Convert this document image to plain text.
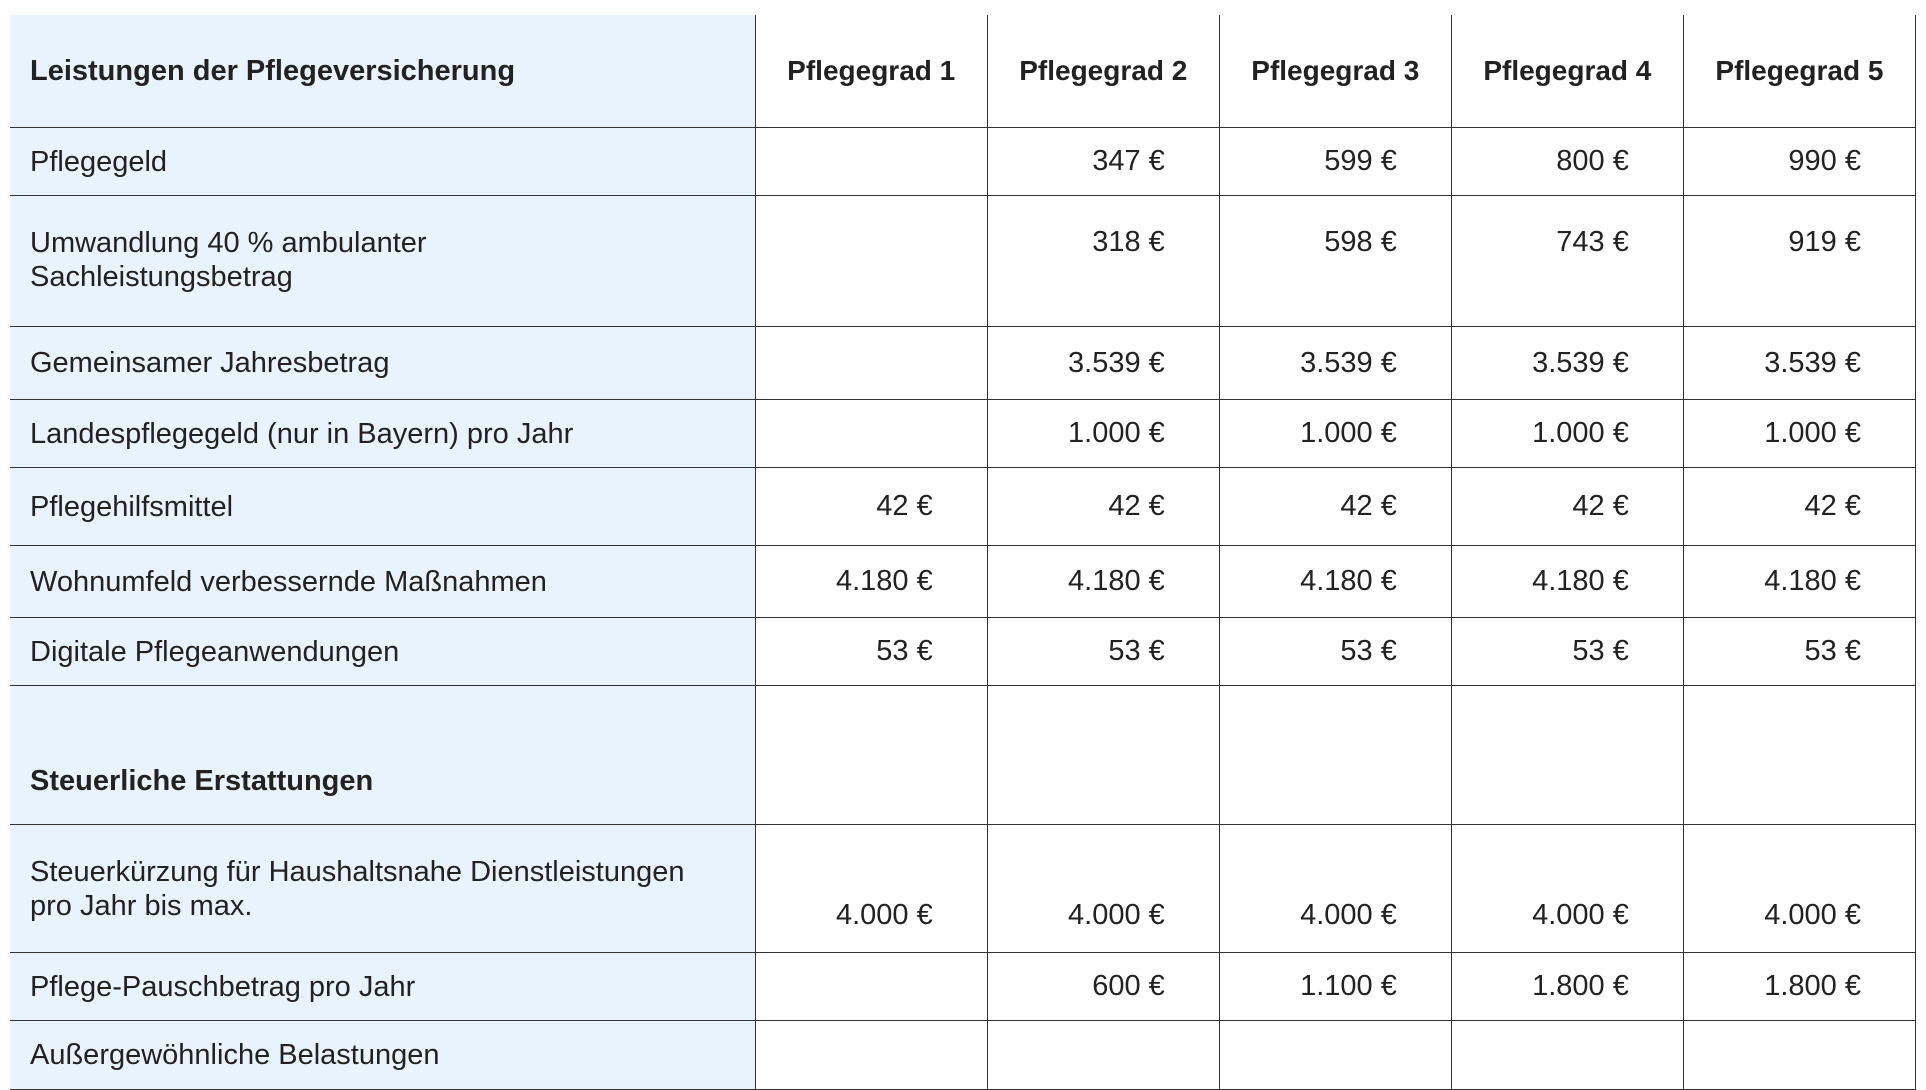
Leistungen der Pflegeversicherung	Pflegegrad 1	Pflegegrad 2	Pflegegrad 3	Pflegegrad 4	Pflegegrad 5
Pflegegeld		347 €	599 €	800 €	990 €
Umwandlung 40 % ambulanter
Sachleistungsbetrag		318 €	598 €	743 €	919 €
Gemeinsamer Jahresbetrag		3.539 €	3.539 €	3.539 €	3.539 €
Landespflegegeld (nur in Bayern) pro Jahr		1.000 €	1.000 €	1.000 €	1.000 €
Pflegehilfsmittel	42 €	42 €	42 €	42 €	42 €
Wohnumfeld verbessernde Maßnahmen	4.180 €	4.180 €	4.180 €	4.180 €	4.180 €
Digitale Pflegeanwendungen	53 €	53 €	53 €	53 €	53 €
Steuerliche Erstattungen					
Steuerkürzung für Haushaltsnahe Dienstleistungen
pro Jahr bis max.	4.000 €	4.000 €	4.000 €	4.000 €	4.000 €
Pflege-Pauschbetrag pro Jahr		600 €	1.100 €	1.800 €	1.800 €
Außergewöhnliche Belastungen					
